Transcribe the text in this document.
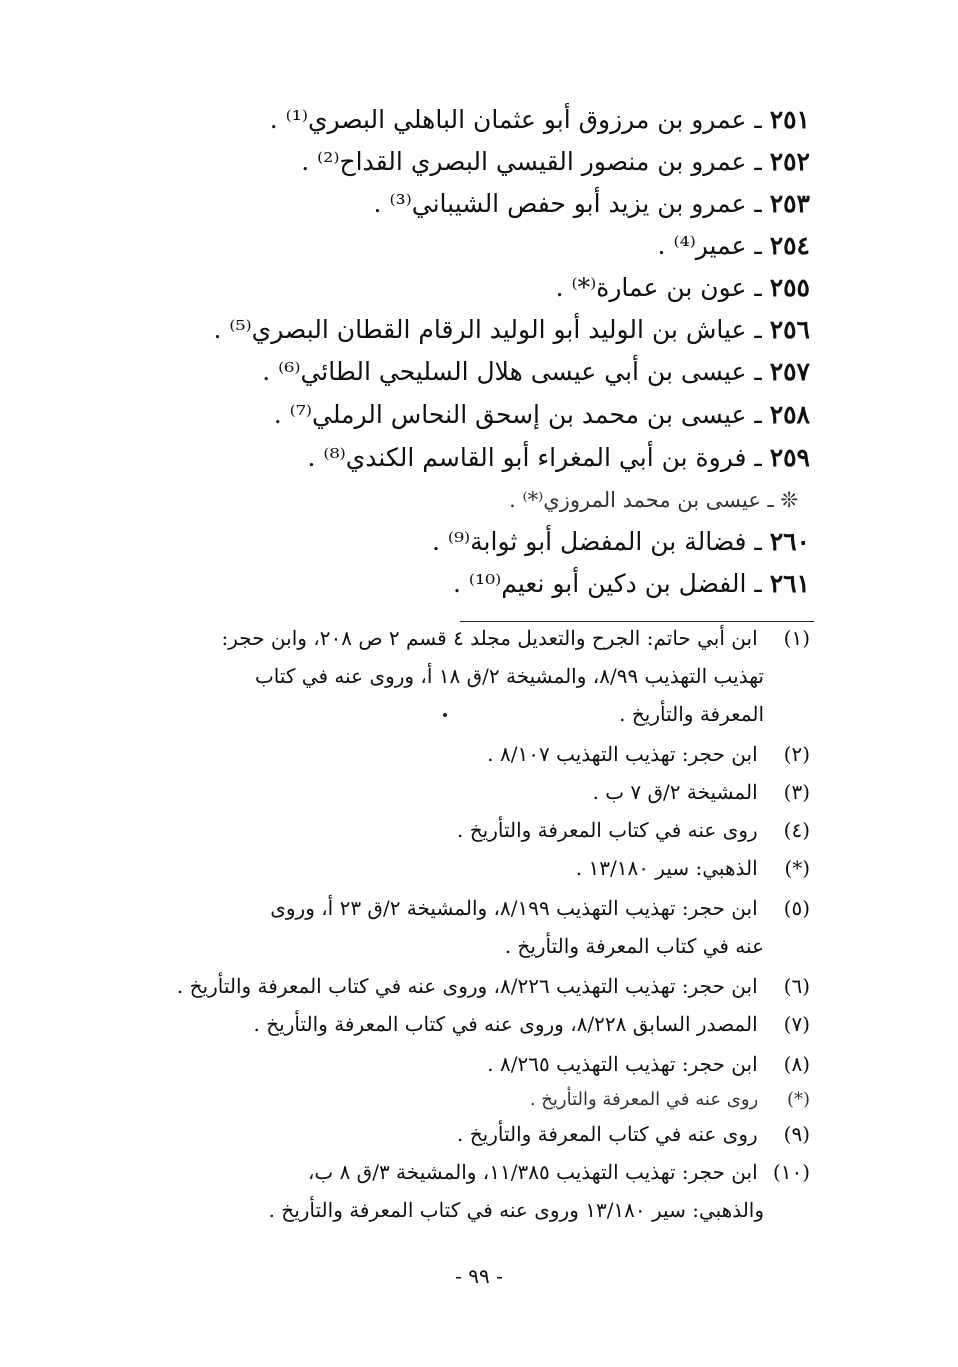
٢٥١ ـ عمرو بن مرزوق أبو عثمان الباهلي البصري⁽¹⁾ .
٢٥٢ ـ عمرو بن منصور القيسي البصري القداح⁽²⁾ .
٢٥٣ ـ عمرو بن يزيد أبو حفص الشيباني⁽³⁾ .
٢٥٤ ـ عمير⁽⁴⁾ .
٢٥٥ ـ عون بن عمارة⁽*⁾ .
٢٥٦ ـ عياش بن الوليد أبو الوليد الرقام القطان البصري⁽⁵⁾ .
٢٥٧ ـ عيسى بن أبي عيسى هلال السليحي الطائي⁽⁶⁾ .
٢٥٨ ـ عيسى بن محمد بن إسحق النحاس الرملي⁽⁷⁾ .
٢٥٩ ـ فروة بن أبي المغراء أبو القاسم الكندي⁽⁸⁾ .
❊ ـ عيسى بن محمد المروزي⁽*⁾ .
٢٦٠ ـ فضالة بن المفضل أبو ثوابة⁽⁹⁾ .
٢٦١ ـ الفضل بن دكين أبو نعيم⁽¹⁰⁾ .
(١) ابن أبي حاتم: الجرح والتعديل مجلد ٤ قسم ٢ ص ٢٠٨، وابن حجر:
تهذيب التهذيب ٨/٩٩، والمشيخة ٢/ق ١٨ أ، وروى عنه في كتاب
المعرفة والتأريخ .
(٢) ابن حجر: تهذيب التهذيب ٨/١٠٧ .
(٣) المشيخة ٢/ق ٧ ب .
(٤) روى عنه في كتاب المعرفة والتأريخ .
(*) الذهبي: سير ١٣/١٨٠ .
(٥) ابن حجر: تهذيب التهذيب ٨/١٩٩، والمشيخة ٢/ق ٢٣ أ، وروى
عنه في كتاب المعرفة والتأريخ .
(٦) ابن حجر: تهذيب التهذيب ٨/٢٢٦، وروى عنه في كتاب المعرفة والتأريخ .
(٧) المصدر السابق ٨/٢٢٨، وروى عنه في كتاب المعرفة والتأريخ .
(٨) ابن حجر: تهذيب التهذيب ٨/٢٦٥ .
(*) روى عنه في المعرفة والتأريخ .
(٩) روى عنه في كتاب المعرفة والتأريخ .
(١٠) ابن حجر: تهذيب التهذيب ١١/٣٨٥، والمشيخة ٣/ق ٨ ب،
والذهبي: سير ١٣/١٨٠ وروى عنه في كتاب المعرفة والتأريخ .
- ٩٩ -
